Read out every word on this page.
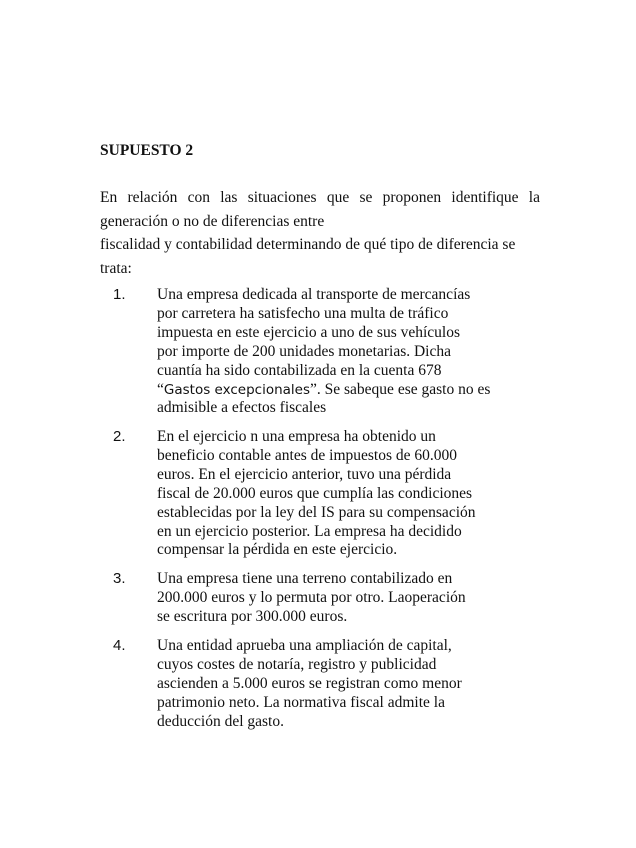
SUPUESTO 2
En relación con las situaciones que se proponen identifique la
generación o no de diferencias entre
fiscalidad y contabilidad determinando de qué tipo de diferencia se
trata:
1. Una empresa dedicada al transporte de mercancías
por carretera ha satisfecho una multa de tráfico
impuesta en este ejercicio a uno de sus vehículos
por importe de 200 unidades monetarias. Dicha
cuantía ha sido contabilizada en la cuenta 678
“Gastos excepcionales”. Se sabeque ese gasto no es
admisible a efectos fiscales
2. En el ejercicio n una empresa ha obtenido un
beneficio contable antes de impuestos de 60.000
euros. En el ejercicio anterior, tuvo una pérdida
fiscal de 20.000 euros que cumplía las condiciones
establecidas por la ley del IS para su compensación
en un ejercicio posterior. La empresa ha decidido
compensar la pérdida en este ejercicio.
3. Una empresa tiene una terreno contabilizado en
200.000 euros y lo permuta por otro. Laoperación
se escritura por 300.000 euros.
4. Una entidad aprueba una ampliación de capital,
cuyos costes de notaría, registro y publicidad
ascienden a 5.000 euros se registran como menor
patrimonio neto. La normativa fiscal admite la
deducción del gasto.
